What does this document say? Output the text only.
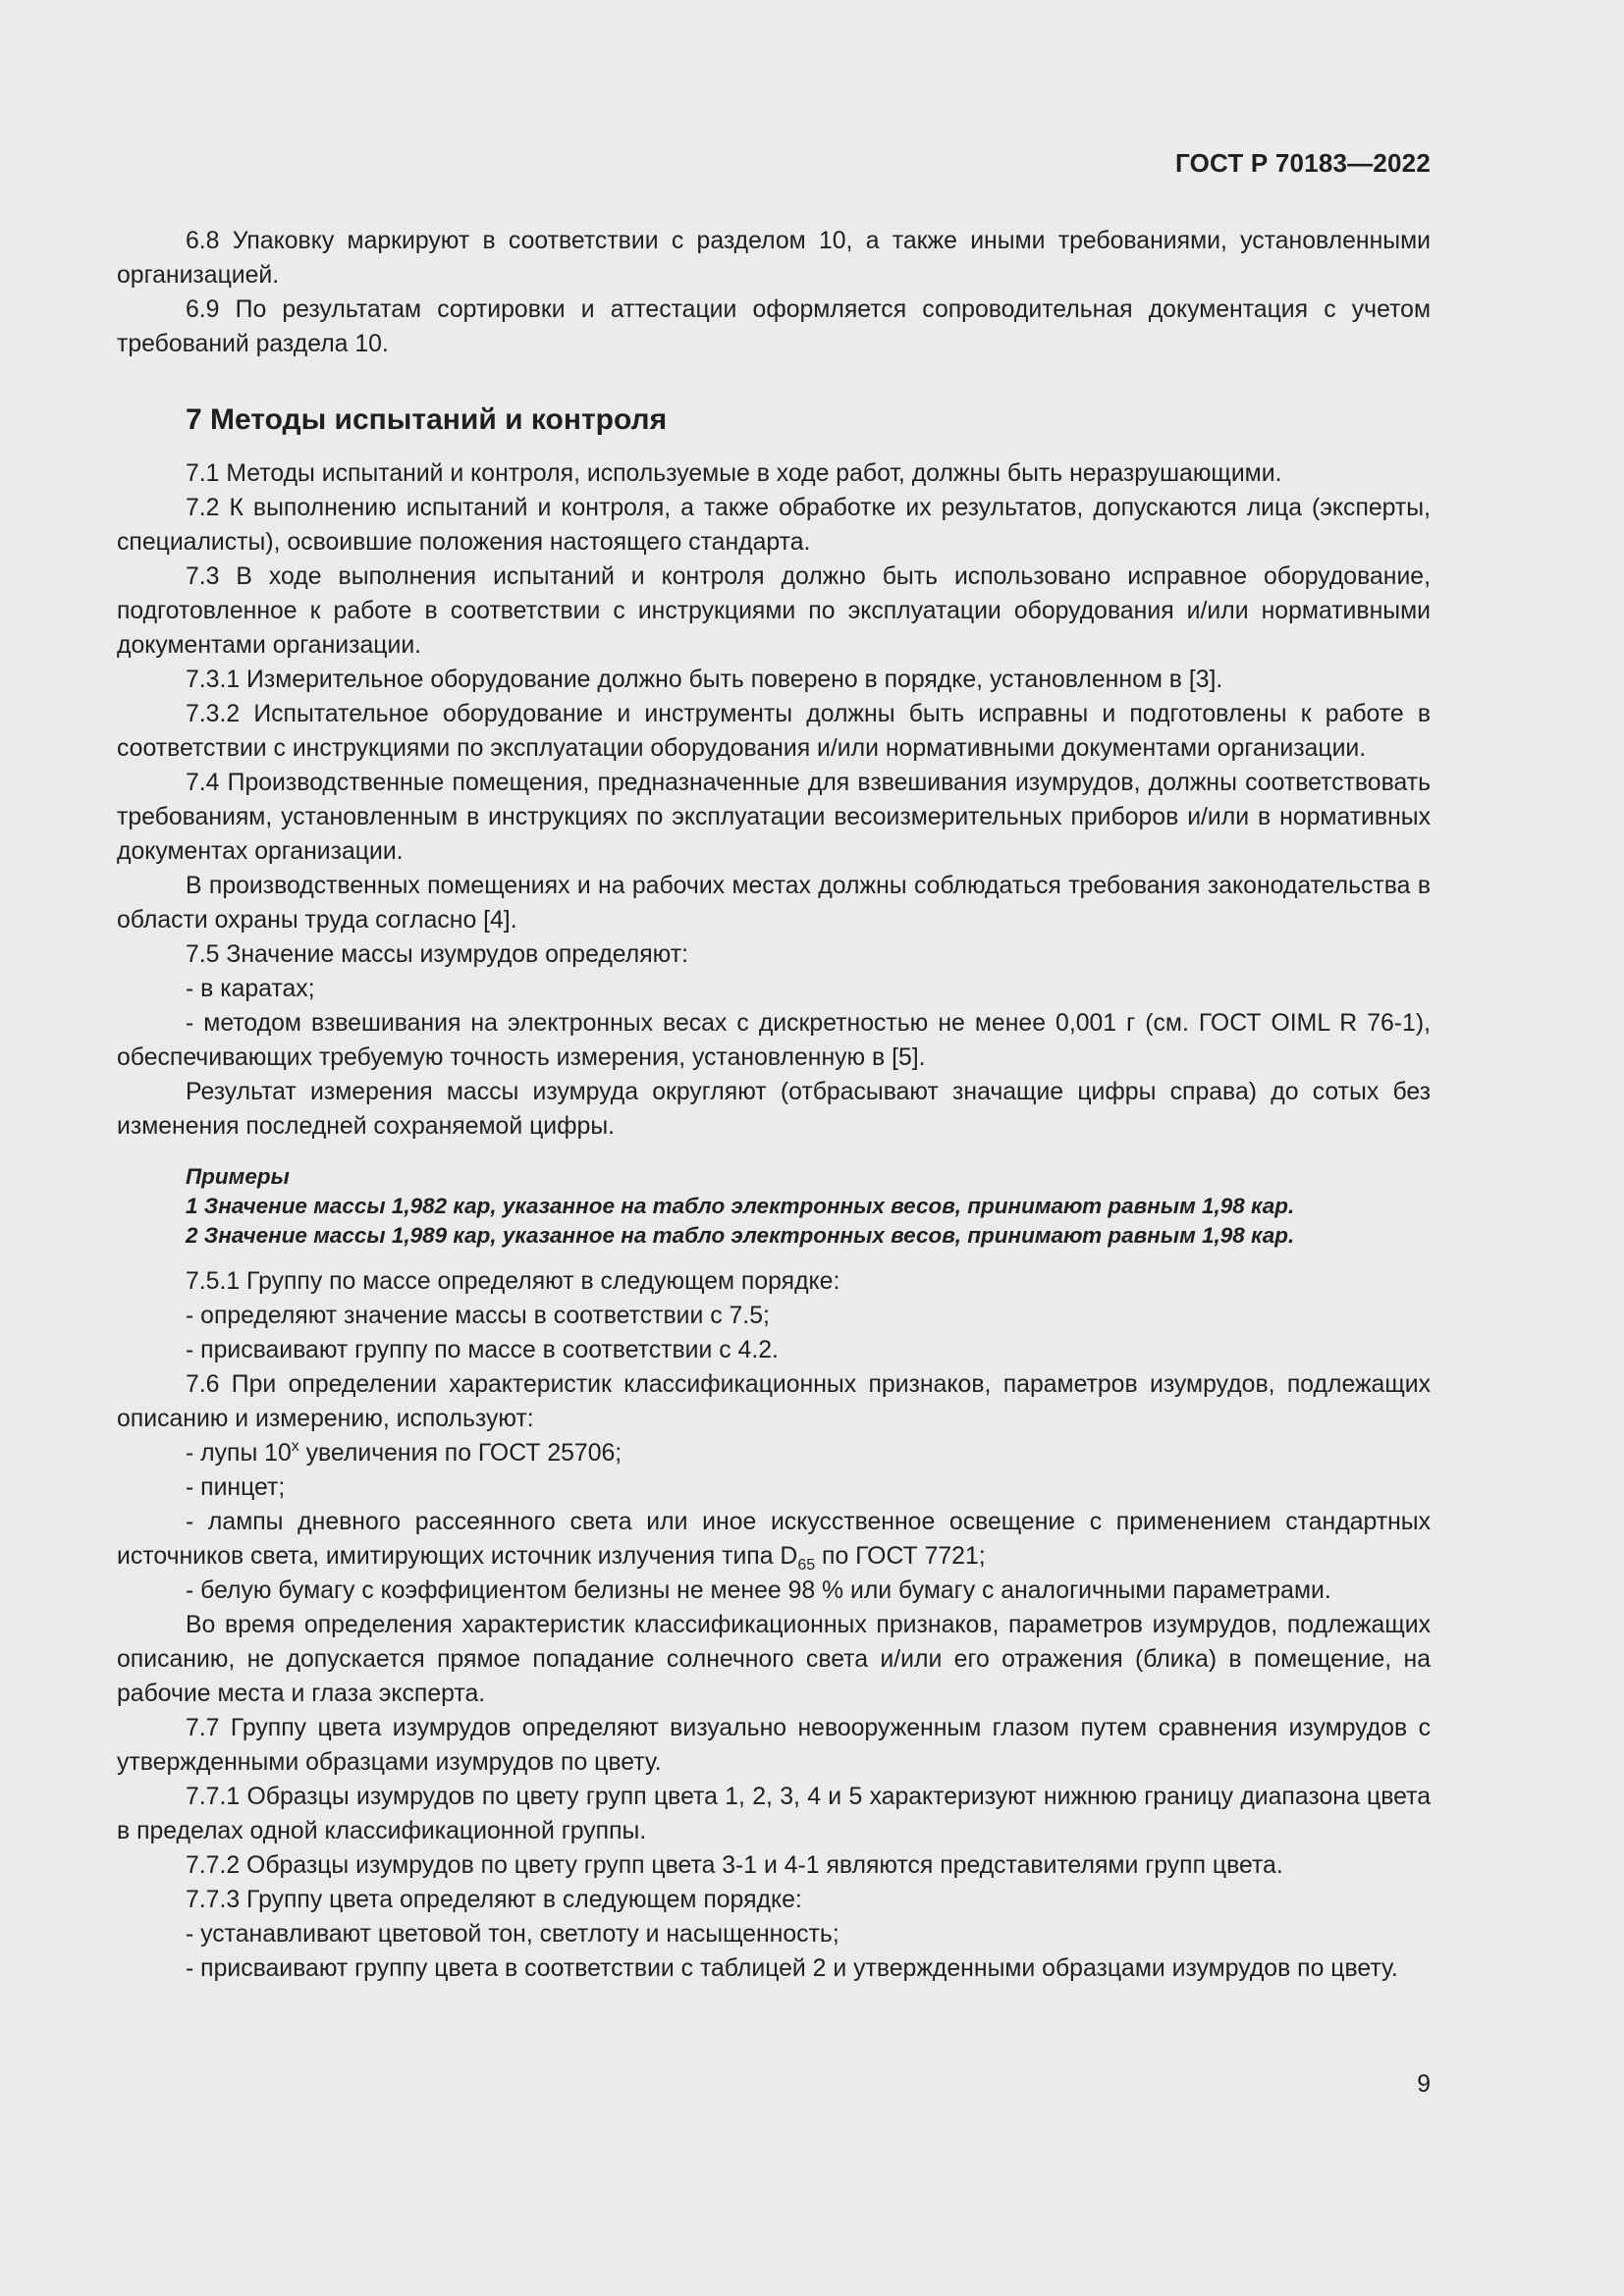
ГОСТ Р 70183—2022

6.8 Упаковку маркируют в соответствии с разделом 10, а также иными требованиями, установленными организацией.

6.9 По результатам сортировки и аттестации оформляется сопроводительная документация с учетом требований раздела 10.

7 Методы испытаний и контроля

7.1 Методы испытаний и контроля, используемые в ходе работ, должны быть неразрушающими.

7.2 К выполнению испытаний и контроля, а также обработке их результатов, допускаются лица (эксперты, специалисты), освоившие положения настоящего стандарта.

7.3 В ходе выполнения испытаний и контроля должно быть использовано исправное оборудование, подготовленное к работе в соответствии с инструкциями по эксплуатации оборудования и/или нормативными документами организации.

7.3.1 Измерительное оборудование должно быть поверено в порядке, установленном в [3].

7.3.2 Испытательное оборудование и инструменты должны быть исправны и подготовлены к работе в соответствии с инструкциями по эксплуатации оборудования и/или нормативными документами организации.

7.4 Производственные помещения, предназначенные для взвешивания изумрудов, должны соответствовать требованиям, установленным в инструкциях по эксплуатации весоизмерительных приборов и/или в нормативных документах организации.

В производственных помещениях и на рабочих местах должны соблюдаться требования законодательства в области охраны труда согласно [4].

7.5 Значение массы изумрудов определяют:

- в каратах;

- методом взвешивания на электронных весах с дискретностью не менее 0,001 г (см. ГОСТ OIML R 76-1), обеспечивающих требуемую точность измерения, установленную в [5].

Результат измерения массы изумруда округляют (отбрасывают значащие цифры справа) до сотых без изменения последней сохраняемой цифры.

Примеры
1 Значение массы 1,982 кар, указанное на табло электронных весов, принимают равным 1,98 кар.
2 Значение массы 1,989 кар, указанное на табло электронных весов, принимают равным 1,98 кар.

7.5.1 Группу по массе определяют в следующем порядке:

- определяют значение массы в соответствии с 7.5;

- присваивают группу по массе в соответствии с 4.2.

7.6 При определении характеристик классификационных признаков, параметров изумрудов, подлежащих описанию и измерению, используют:

- лупы $10^х$ увеличения по ГОСТ 25706;

- пинцет;

- лампы дневного рассеянного света или иное искусственное освещение с применением стандартных источников света, имитирующих источник излучения типа $D_{65}$ по ГОСТ 7721;

- белую бумагу с коэффициентом белизны не менее 98 % или бумагу с аналогичными параметрами.

Во время определения характеристик классификационных признаков, параметров изумрудов, подлежащих описанию, не допускается прямое попадание солнечного света и/или его отражения (блика) в помещение, на рабочие места и глаза эксперта.

7.7 Группу цвета изумрудов определяют визуально невооруженным глазом путем сравнения изумрудов с утвержденными образцами изумрудов по цвету.

7.7.1 Образцы изумрудов по цвету групп цвета 1, 2, 3, 4 и 5 характеризуют нижнюю границу диапазона цвета в пределах одной классификационной группы.

7.7.2 Образцы изумрудов по цвету групп цвета 3-1 и 4-1 являются представителями групп цвета.

7.7.3 Группу цвета определяют в следующем порядке:

- устанавливают цветовой тон, светлоту и насыщенность;

- присваивают группу цвета в соответствии с таблицей 2 и утвержденными образцами изумрудов по цвету.

9
